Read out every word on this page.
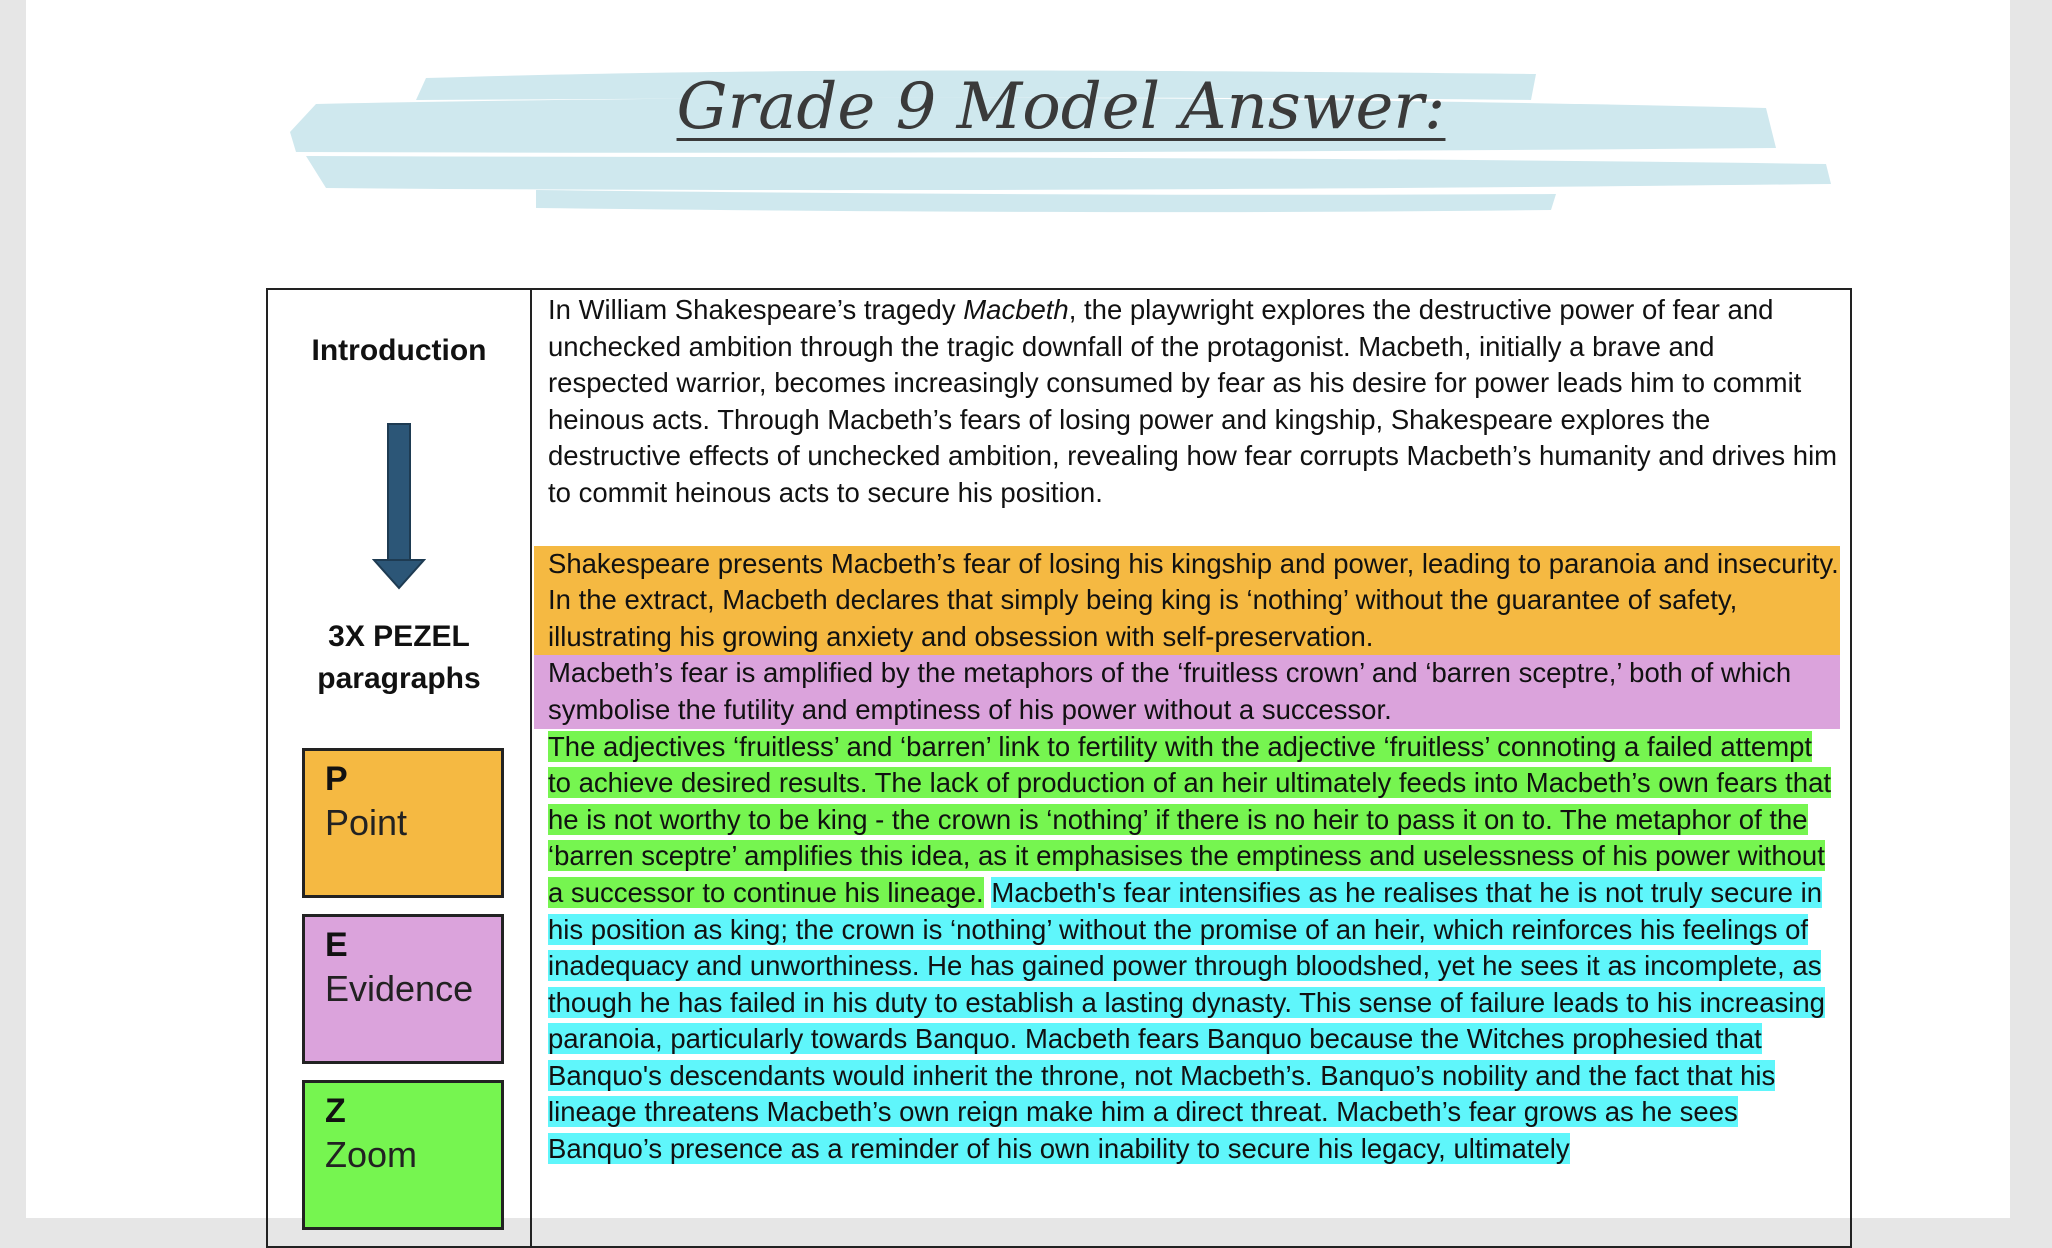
Grade 9 Model Answer:
Introduction
3X PEZEL
paragraphs
P
Point
E
Evidence
Z
Zoom

In William Shakespeare’s tragedy Macbeth, the playwright explores the destructive power of fear and unchecked ambition through the tragic downfall of the protagonist. Macbeth, initially a brave and respected warrior, becomes increasingly consumed by fear as his desire for power leads him to commit heinous acts. Through Macbeth’s fears of losing power and kingship, Shakespeare explores the destructive effects of unchecked ambition, revealing how fear corrupts Macbeth’s humanity and drives him to commit heinous acts to secure his position.

Shakespeare presents Macbeth’s fear of losing his kingship and power, leading to paranoia and insecurity. In the extract, Macbeth declares that simply being king is ‘nothing’ without the guarantee of safety, illustrating his growing anxiety and obsession with self-preservation.

Macbeth’s fear is amplified by the metaphors of the ‘fruitless crown’ and ‘barren sceptre,’ both of which symbolise the futility and emptiness of his power without a successor.

The adjectives ‘fruitless’ and ‘barren’ link to fertility with the adjective ‘fruitless’ connoting a failed attempt to achieve desired results. The lack of production of an heir ultimately feeds into Macbeth’s own fears that he is not worthy to be king - the crown is ‘nothing’ if there is no heir to pass it on to. The metaphor of the ‘barren sceptre’ amplifies this idea, as it emphasises the emptiness and uselessness of his power without a successor to continue his lineage. Macbeth's fear intensifies as he realises that he is not truly secure in his position as king; the crown is ‘nothing’ without the promise of an heir, which reinforces his feelings of inadequacy and unworthiness. He has gained power through bloodshed, yet he sees it as incomplete, as though he has failed in his duty to establish a lasting dynasty. This sense of failure leads to his increasing paranoia, particularly towards Banquo. Macbeth fears Banquo because the Witches prophesied that Banquo's descendants would inherit the throne, not Macbeth’s. Banquo’s nobility and the fact that his lineage threatens Macbeth’s own reign make him a direct threat. Macbeth’s fear grows as he sees Banquo’s presence as a reminder of his own inability to secure his legacy, ultimately
